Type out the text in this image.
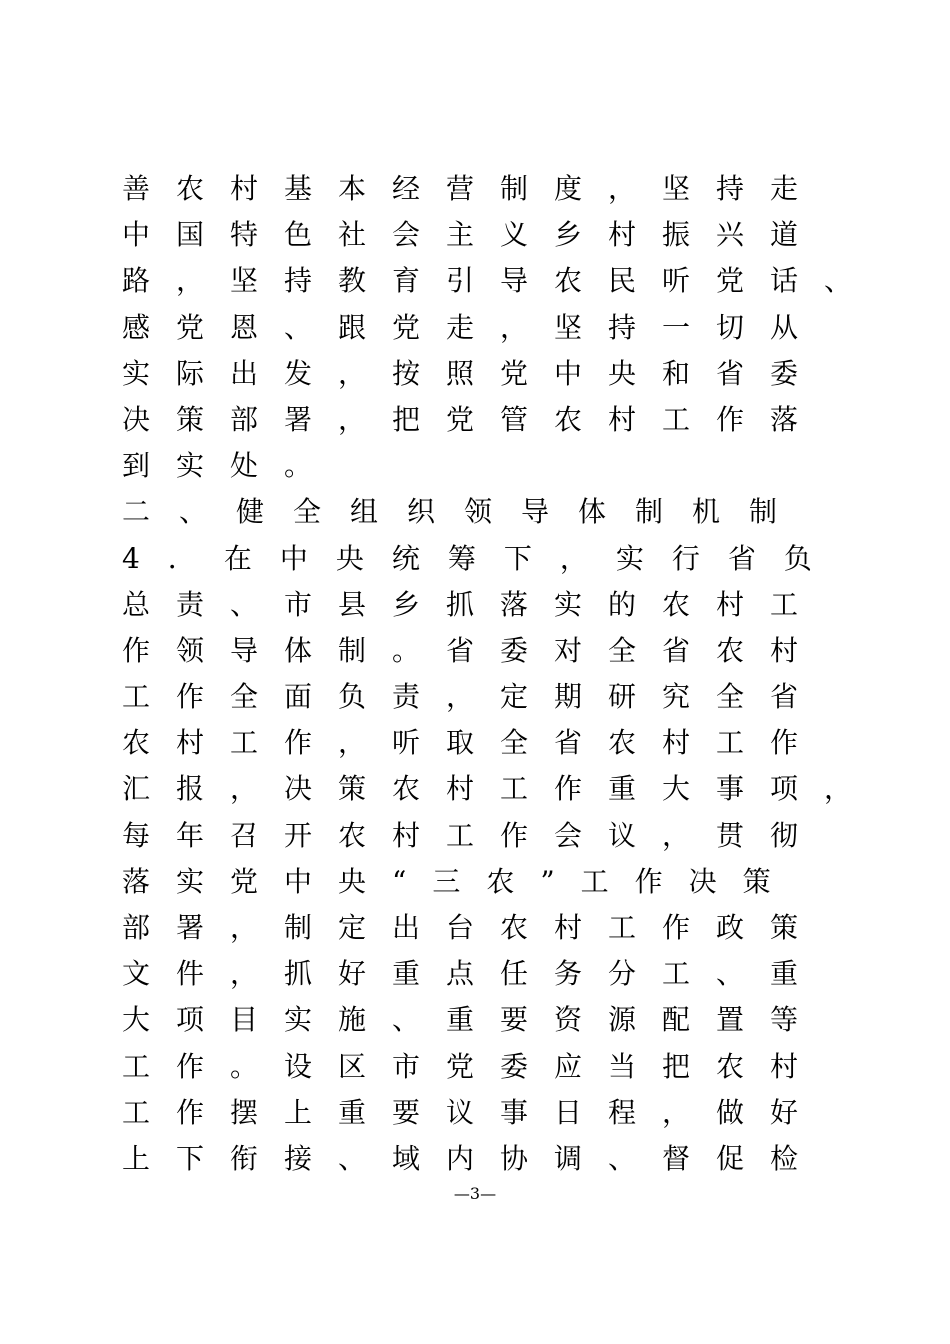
善农村基本经营制度，坚持走
中国特色社会主义乡村振兴道
路，坚持教育引导农民听党话、
感党恩、跟党走，坚持一切从
实际出发，按照党中央和省委
决策部署，把党管农村工作落
到实处。
二、健全组织领导体制机制
4．在中央统筹下，实行省负
总责、市县乡抓落实的农村工
作领导体制。省委对全省农村
工作全面负责，定期研究全省
农村工作，听取全省农村工作
汇报，决策农村工作重大事项，
每年召开农村工作会议，贯彻
落实党中央“三农”工作决策
部署，制定出台农村工作政策
文件，抓好重点任务分工、重
大项目实施、重要资源配置等
工作。设区市党委应当把农村
工作摆上重要议事日程，做好
上下衔接、域内协调、督促检
—3—
